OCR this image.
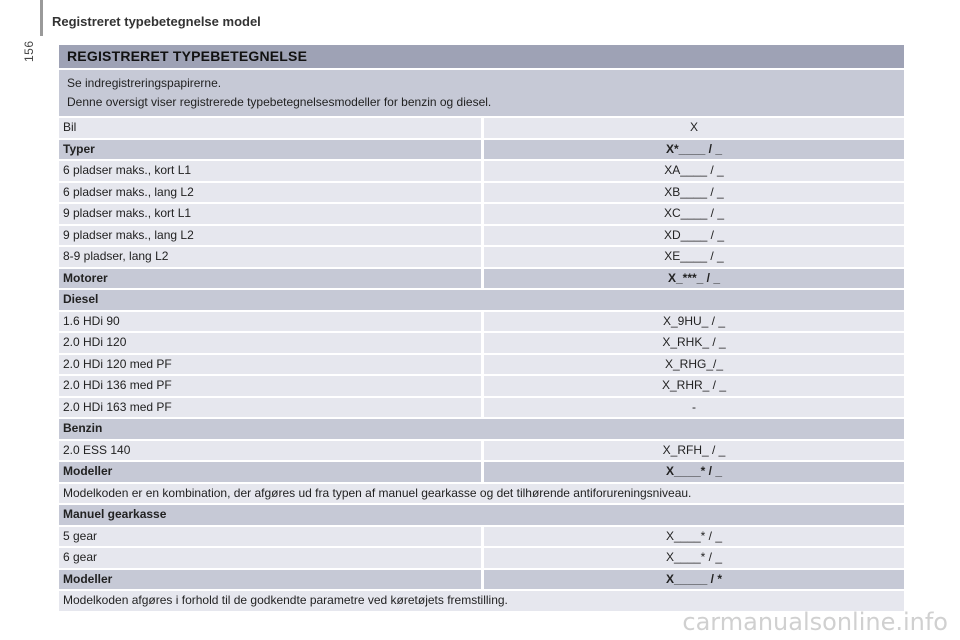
156
Registreret typebetegnelse model
REGISTRERET TYPEBETEGNELSE
Se indregistreringspapirerne.
Denne oversigt viser registrerede typebetegnelsesmodeller for benzin og diesel.
Bil	X
Typer	X*____ / _
6 pladser maks., kort L1	XA____ / _
6 pladser maks., lang L2	XB____ / _
9 pladser maks., kort L1	XC____ / _
9 pladser maks., lang L2	XD____ / _
8-9 pladser, lang L2	XE____ / _
Motorer	X_***_ / _
Diesel
1.6 HDi 90	X_9HU_ / _
2.0 HDi 120	X_RHK_ / _
2.0 HDi 120 med PF	X_RHG_/_
2.0 HDi 136 med PF	X_RHR_ / _
2.0 HDi 163 med PF	-
Benzin
2.0 ESS 140	X_RFH_ / _
Modeller	X____* / _
Modelkoden er en kombination, der afgøres ud fra typen af manuel gearkasse og det tilhørende antiforureningsniveau.
Manuel gearkasse
5 gear	X____* / _
6 gear	X____* / _
Modeller	X_____ / *
Modelkoden afgøres i forhold til de godkendte parametre ved køretøjets fremstilling.
carmanualsonline.info
